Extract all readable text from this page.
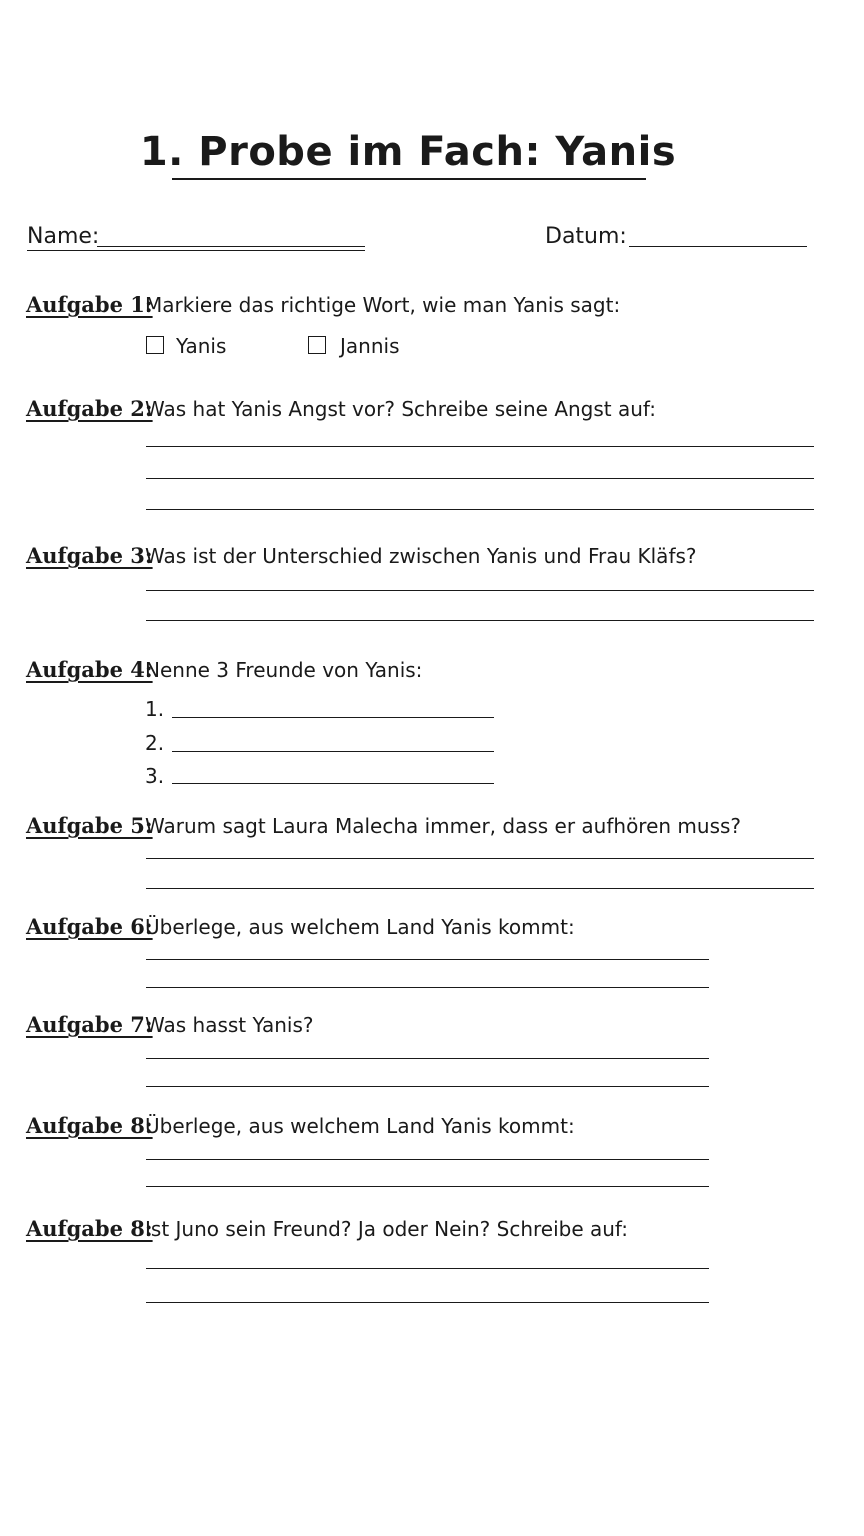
1. Probe im Fach: Yanis
Name:	Datum:
Aufgabe 1:
Markiere das richtige Wort, wie man Yanis sagt:
Yanis	Jannis
Aufgabe 2:
Was hat Yanis Angst vor? Schreibe seine Angst auf:
Aufgabe 3:
Was ist der Unterschied zwischen Yanis und Frau Kläfs?
Aufgabe 4:
Nenne 3 Freunde von Yanis:
1.
2.
3.
Aufgabe 5:
Warum sagt Laura Malecha immer, dass er aufhören muss?
Aufgabe 6:
Überlege, aus welchem Land Yanis kommt:
Aufgabe 7:
Was hasst Yanis?
Aufgabe 8:
Überlege, aus welchem Land Yanis kommt:
Aufgabe 8:
Ist Juno sein Freund? Ja oder Nein? Schreibe auf:
